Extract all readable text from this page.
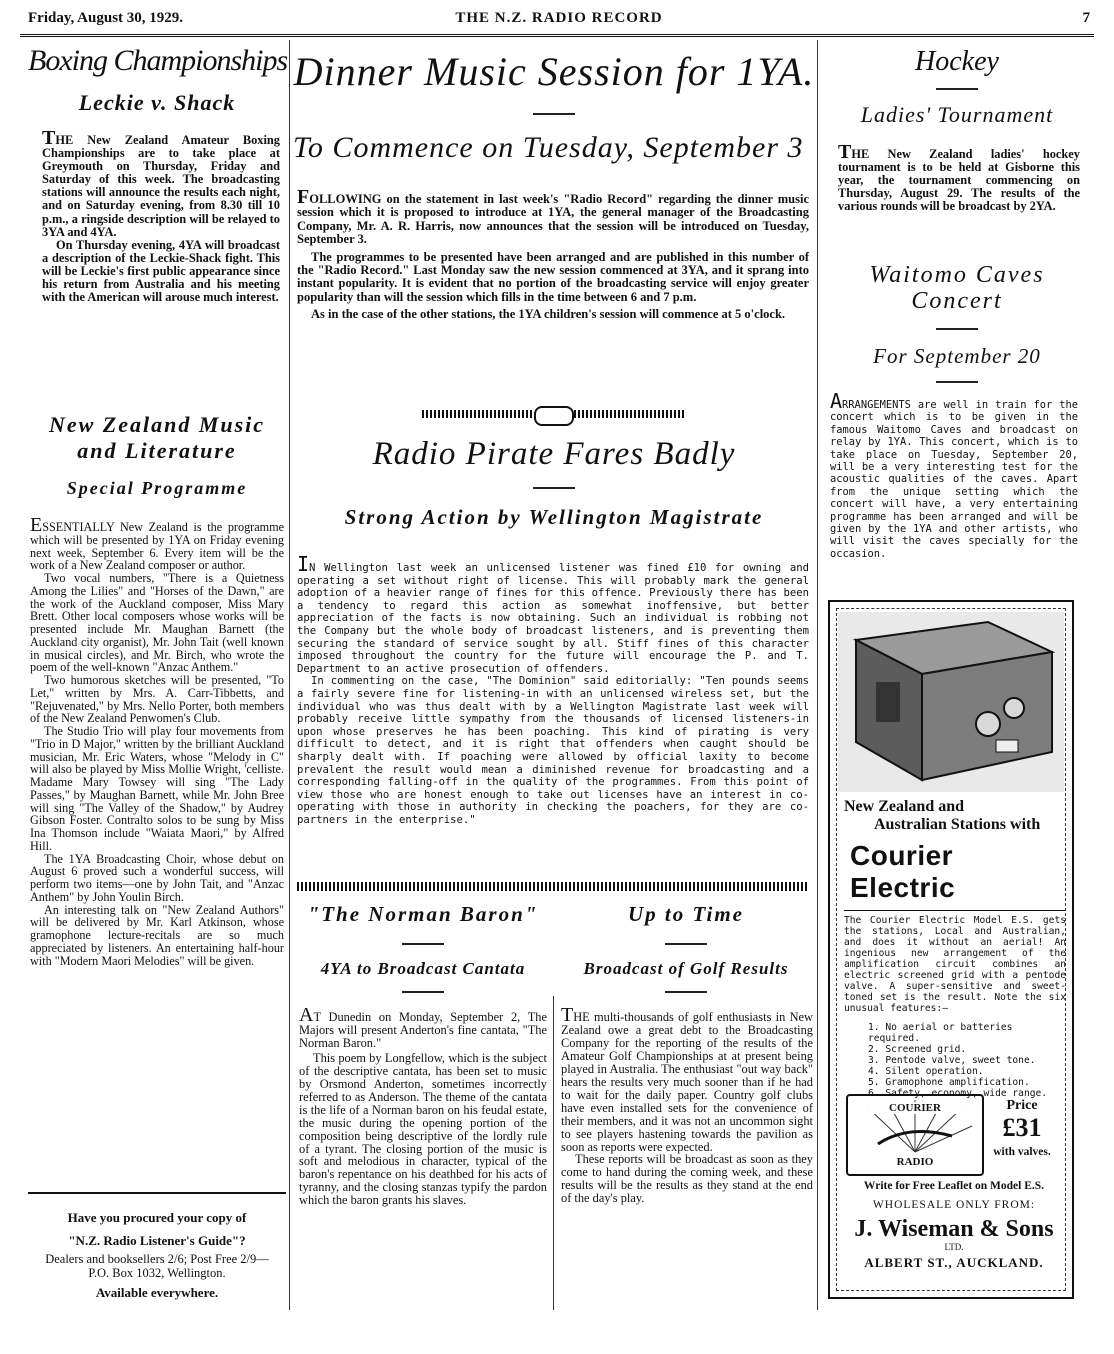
Friday, August 30, 1929.	THE N.Z. RADIO RECORD	7
Boxing Championships
Leckie v. Shack

THE New Zealand Amateur Boxing Championships are to take place at Greymouth on Thursday, Friday and Saturday of this week. The broadcasting stations will announce the results each night, and on Saturday evening, from 8.30 till 10 p.m., a ringside description will be relayed to 3YA and 4YA.

On Thursday evening, 4YA will broadcast a description of the Leckie-Shack fight. This will be Leckie's first public appearance since his return from Australia and his meeting with the American will arouse much interest.

New Zealand Music and Literature
Special Programme

ESSENTIALLY New Zealand is the programme which will be presented by 1YA on Friday evening next week, September 6. Every item will be the work of a New Zealand composer or author.

Two vocal numbers, "There is a Quietness Among the Lilies" and "Horses of the Dawn," are the work of the Auckland composer, Miss Mary Brett. Other local composers whose works will be presented include Mr. Maughan Barnett (the Auckland city organist), Mr. John Tait (well known in musical circles), and Mr. Birch, who wrote the poem of the well-known "Anzac Anthem."

Two humorous sketches will be presented, "To Let," written by Mrs. A. Carr-Tibbetts, and "Rejuvenated," by Mrs. Nello Porter, both members of the New Zealand Penwomen's Club.

The Studio Trio will play four movements from "Trio in D Major," written by the brilliant Auckland musician, Mr. Eric Waters, whose "Melody in C" will also be played by Miss Mollie Wright, 'celliste. Madame Mary Towsey will sing "The Lady Passes," by Maughan Barnett, while Mr. John Bree will sing "The Valley of the Shadow," by Audrey Gibson Foster. Contralto solos to be sung by Miss Ina Thomson include "Waiata Maori," by Alfred Hill.

The 1YA Broadcasting Choir, whose debut on August 6 proved such a wonderful success, will perform two items—one by John Tait, and "Anzac Anthem" by John Youlin Birch.

An interesting talk on "New Zealand Authors" will be delivered by Mr. Karl Atkinson, whose gramophone lecture-recitals are so much appreciated by listeners. An entertaining half-hour with "Modern Maori Melodies" will be given.

Have you procured your copy of
"N.Z. Radio Listener's Guide"?
Dealers and booksellers 2/6; Post Free 2/9—P.O. Box 1032, Wellington.
Available everywhere.
Dinner Music Session for 1YA.
To Commence on Tuesday, September 3

FOLLOWING on the statement in last week's "Radio Record" regarding the dinner music session which it is proposed to introduce at 1YA, the general manager of the Broadcasting Company, Mr. A. R. Harris, now announces that the session will be introduced on Tuesday, September 3.

The programmes to be presented have been arranged and are published in this number of the "Radio Record." Last Monday saw the new session commenced at 3YA, and it sprang into instant popularity. It is evident that no portion of the broadcasting service will enjoy greater popularity than will the session which fills in the time between 6 and 7 p.m.

As in the case of the other stations, the 1YA children's session will commence at 5 o'clock.

Radio Pirate Fares Badly
Strong Action by Wellington Magistrate

IN Wellington last week an unlicensed listener was fined £10 for owning and operating a set without right of license. This will probably mark the general adoption of a heavier range of fines for this offence. Previously there has been a tendency to regard this action as somewhat inoffensive, but better appreciation of the facts is now obtaining. Such an individual is robbing not the Company but the whole body of broadcast listeners, and is preventing them securing the standard of service sought by all. Stiff fines of this character imposed throughout the country for the future will encourage the P. and T. Department to an active prosecution of offenders.

In commenting on the case, "The Dominion" said editorially: "Ten pounds seems a fairly severe fine for listening-in with an unlicensed wireless set, but the individual who was thus dealt with by a Wellington Magistrate last week will probably receive little sympathy from the thousands of licensed listeners-in upon whose preserves he has been poaching. This kind of pirating is very difficult to detect, and it is right that offenders when caught should be sharply dealt with. If poaching were allowed by official laxity to become prevalent the result would mean a diminished revenue for broadcasting and a corresponding falling-off in the quality of the programmes. From this point of view those who are honest enough to take out licenses have an interest in co-operating with those in authority in checking the poachers, for they are co-partners in the enterprise."

"The Norman Baron"
4YA to Broadcast Cantata

AT Dunedin on Monday, September 2, The Majors will present Anderton's fine cantata, "The Norman Baron."

This poem by Longfellow, which is the subject of the descriptive cantata, has been set to music by Orsmond Anderton, sometimes incorrectly referred to as Anderson. The theme of the cantata is the life of a Norman baron on his feudal estate, the music during the opening portion of the composition being descriptive of the lordly rule of a tyrant. The closing portion of the music is soft and melodious in character, typical of the baron's repentance on his deathbed for his acts of tyranny, and the closing stanzas typify the pardon which the baron grants his slaves.

Up to Time
Broadcast of Golf Results

THE multi-thousands of golf enthusiasts in New Zealand owe a great debt to the Broadcasting Company for the reporting of the results of the Amateur Golf Championships at at present being played in Australia. The enthusiast "out way back" hears the results very much sooner than if he had to wait for the daily paper. Country golf clubs have even installed sets for the convenience of their members, and it was not an uncommon sight to see players hastening towards the pavilion as soon as reports were expected.

These reports will be broadcast as soon as they come to hand during the coming week, and these results will be the results as they stand at the end of the day's play.

Hockey
Ladies' Tournament

THE New Zealand ladies' hockey tournament is to be held at Gisborne this year, the tournament commencing on Thursday, August 29. The results of the various rounds will be broadcast by 2YA.

Waitomo Caves Concert
For September 20

ARRANGEMENTS are well in train for the concert which is to be given in the famous Waitomo Caves and broadcast on relay by 1YA. This concert, which is to take place on Tuesday, September 20, will be a very interesting test for the acoustic qualities of the caves. Apart from the unique setting which the concert will have, a very entertaining programme has been arranged and will be given by the 1YA and other artists, who will visit the caves specially for the occasion.

New Zealand and
Australian Stations with
Courier Electric
The Courier Electric Model E.S. gets the stations, Local and Australian, and does it without an aerial! An ingenious new arrangement of the amplification circuit combines an electric screened grid with a pentode valve. A super-sensitive and sweet-toned set is the result. Note the six unusual features:—
1. No aerial or batteries required.
2. Screened grid.
3. Pentode valve, sweet tone.
4. Silent operation.
5. Gramophone amplification.
6. Safety, economy, wide range.
COURIER
RADIO
Price
£31
with valves.
Write for Free Leaflet on Model E.S.
WHOLESALE ONLY FROM:
J. Wiseman & Sons
LTD.
ALBERT ST., AUCKLAND.
